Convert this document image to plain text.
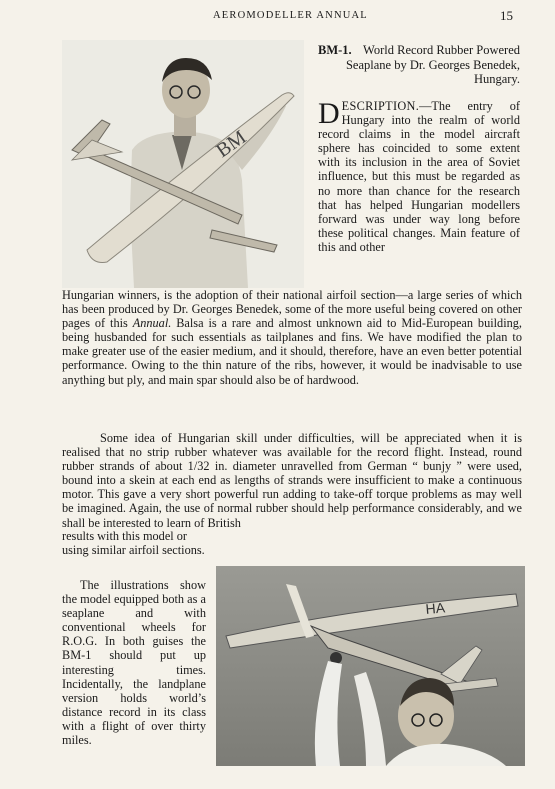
AEROMODELLER ANNUAL	15
BM
BM-1. World Record Rubber Powered Seaplane by Dr. Georges Benedek, Hungary.
DESCRIPTION.—The entry of Hungary into the realm of world record claims in the model aircraft sphere has coincided to some extent with its inclusion in the area of Soviet influence, but this must be regarded as no more than chance for the research that has helped Hungarian modellers forward was under way long before these political changes. Main feature of this and other

Hungarian winners, is the adoption of their national airfoil section—a large series of which has been produced by Dr. Georges Benedek, some of the more useful being covered on other pages of this Annual. Balsa is a rare and almost unknown aid to Mid-European building, being husbanded for such essentials as tailplanes and fins. We have modified the plan to make greater use of the easier medium, and it should, therefore, have an even better potential performance. Owing to the thin nature of the ribs, however, it would be inadvisable to use anything but ply, and main spar should also be of hardwood.

Some idea of Hungarian skill under difficulties, will be appreciated when it is realised that no strip rubber whatever was available for the record flight. Instead, round rubber strands of about 1/32 in. diameter unravelled from German “ bunjy ” were used, bound into a skein at each end as lengths of strands were insufficient to make a continuous motor. This gave a very short powerful run adding to take-off torque problems as may well be imagined. Again, the use of normal rubber should help performance considerably, and we shall be interested to learn of British

results with this model or using similar airfoil sections.

The illustrations show the model equipped both as a seaplane and with conventional wheels for R.O.G. In both guises the BM-1 should put up interesting times. Incidentally, the landplane version holds world’s distance record in its class with a flight of over thirty miles.

HA
